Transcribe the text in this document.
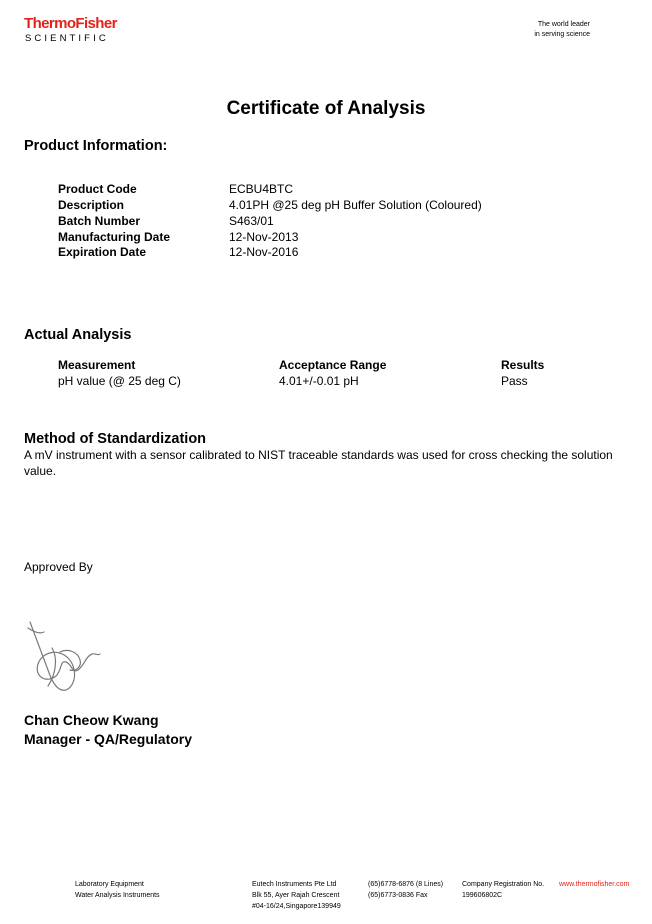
ThermoFisher
SCIENTIFIC
The world leader
in serving science
Certificate of Analysis
Product Information:
Product Code	ECBU4BTC
Description	4.01PH @25 deg pH Buffer Solution (Coloured)
Batch Number	S463/01
Manufacturing Date	12-Nov-2013
Expiration Date	12-Nov-2016
Actual Analysis
Measurement	Acceptance Range	Results
pH value (@ 25 deg C)	4.01+/-0.01 pH	Pass
Method of Standardization
A mV instrument with a sensor calibrated to NIST traceable standards was used for cross checking the solution value.
Approved By
Chan Cheow Kwang
Manager - QA/Regulatory
Laboratory Equipment
Water Analysis Instruments
Eutech Instruments Pte Ltd
Blk 55, Ayer Rajah Crescent
#04-16/24,Singapore139949
(65)6778-6876 (8 Lines)
(65)6773-0836 Fax
Company Registration No.
199606802C
www.thermofisher.com
